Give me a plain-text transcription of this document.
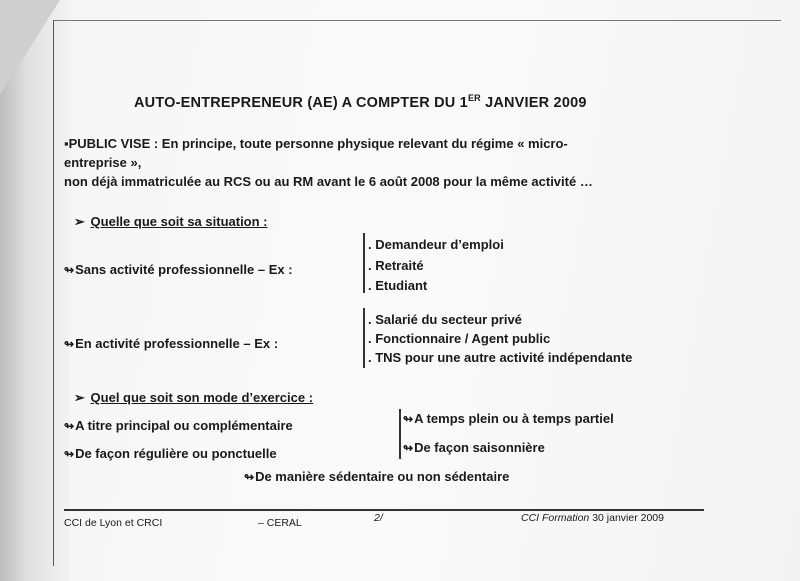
AUTO-ENTREPRENEUR (AE) A COMPTER DU 1ER JANVIER 2009
▪PUBLIC VISE : En principe, toute personne physique relevant du régime « micro-
entreprise »,
non déjà immatriculée au RCS ou au RM avant le 6 août 2008 pour la même activité …
➢ Quelle que soit sa situation :
↬Sans activité professionnelle – Ex :
. Demandeur d’emploi
. Retraité
. Etudiant
↬En activité professionnelle – Ex :
. Salarié du secteur privé
. Fonctionnaire / Agent public
. TNS pour une autre activité indépendante
➢ Quel que soit son mode d’exercice :
↬A titre principal ou complémentaire
↬De façon régulière ou ponctuelle
↬A temps plein ou à temps partiel
↬De façon saisonnière
↬De manière sédentaire ou non sédentaire
CCI de Lyon et CRCI	– CERAL	2/	CCI Formation 30 janvier 2009
